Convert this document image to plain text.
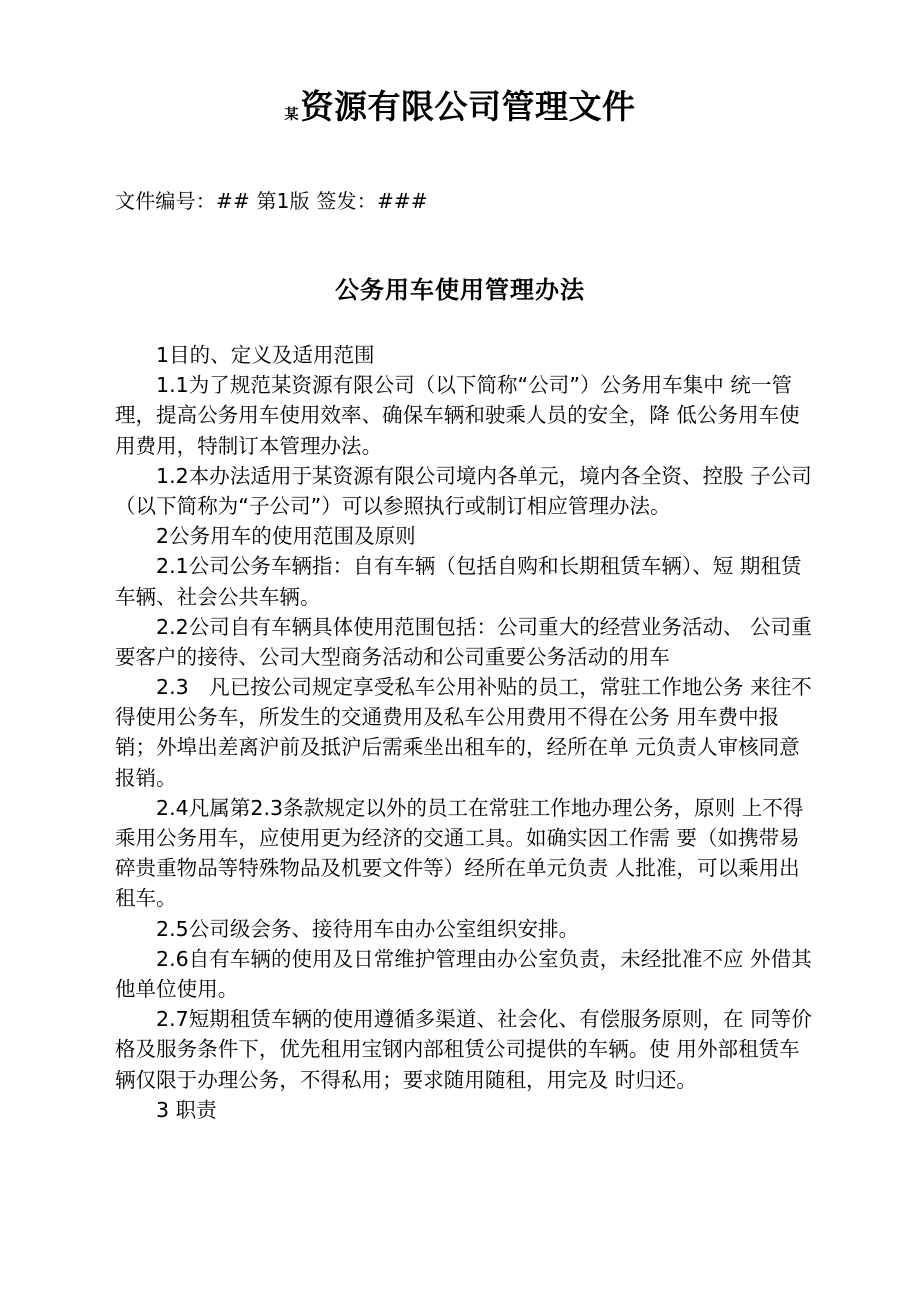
某资源有限公司管理文件
文件编号：## 第1版 签发：###
公务用车使用管理办法
1目的、定义及适用范围
1.1为了规范某资源有限公司（以下简称“公司”）公务用车集中 统一管
理，提高公务用车使用效率、确保车辆和驶乘人员的安全，降 低公务用车使
用费用，特制订本管理办法。
1.2本办法适用于某资源有限公司境内各单元，境内各全资、控股 子公司
（以下简称为“子公司”）可以参照执行或制订相应管理办法。
2公务用车的使用范围及原则
2.1公司公务车辆指：自有车辆（包括自购和长期租赁车辆）、短 期租赁
车辆、社会公共车辆。
2.2公司自有车辆具体使用范围包括：公司重大的经营业务活动、 公司重
要客户的接待、公司大型商务活动和公司重要公务活动的用车
2.3　凡已按公司规定享受私车公用补贴的员工，常驻工作地公务 来往不
得使用公务车，所发生的交通费用及私车公用费用不得在公务 用车费中报
销；外埠出差离沪前及抵沪后需乘坐出租车的，经所在单 元负责人审核同意
报销。
2.4凡属第2.3条款规定以外的员工在常驻工作地办理公务，原则 上不得
乘用公务用车，应使用更为经济的交通工具。如确实因工作需 要（如携带易
碎贵重物品等特殊物品及机要文件等）经所在单元负责 人批准，可以乘用出
租车。
2.5公司级会务、接待用车由办公室组织安排。
2.6自有车辆的使用及日常维护管理由办公室负责，未经批准不应 外借其
他单位使用。
2.7短期租赁车辆的使用遵循多渠道、社会化、有偿服务原则，在 同等价
格及服务条件下，优先租用宝钢内部租赁公司提供的车辆。使 用外部租赁车
辆仅限于办理公务，不得私用；要求随用随租，用完及 时归还。
3 职责
